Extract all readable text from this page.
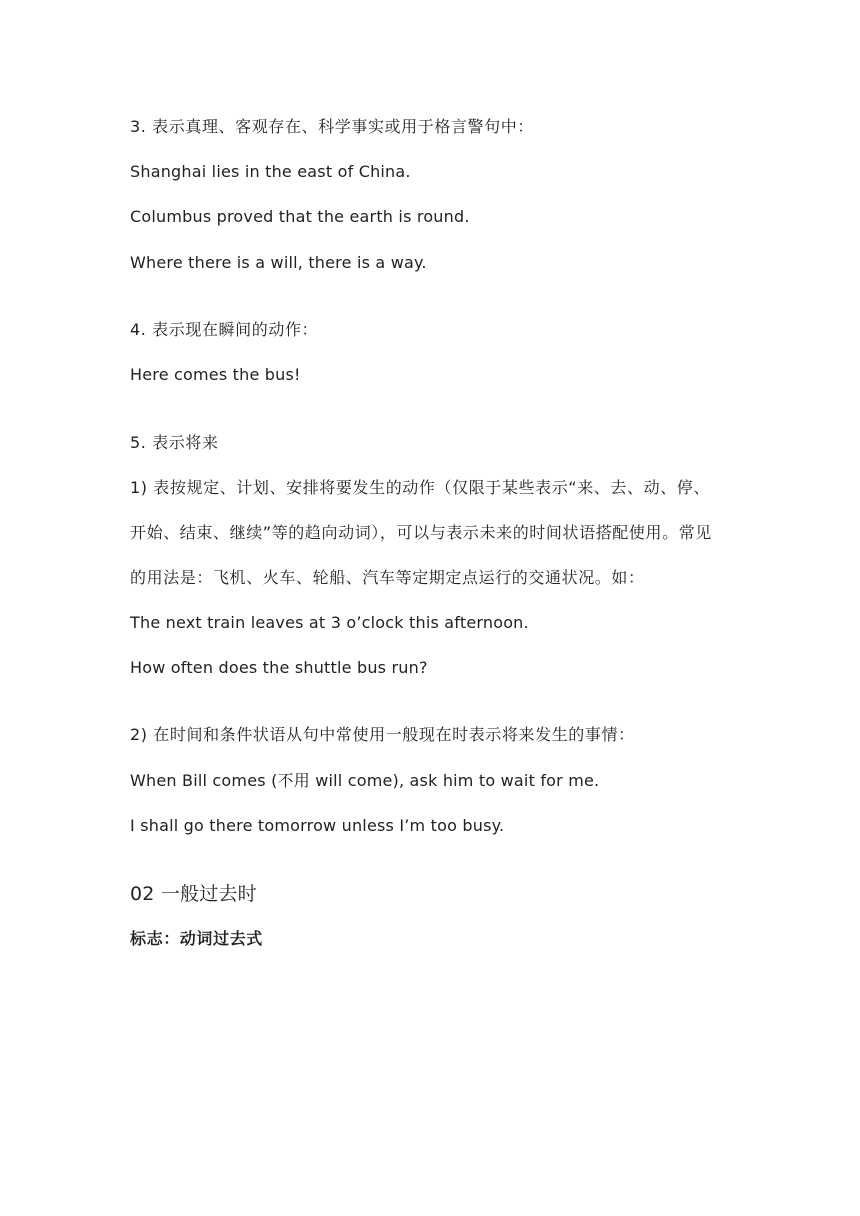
3. 表示真理、客观存在、科学事实或用于格言警句中：
Shanghai lies in the east of China.
Columbus proved that the earth is round.
Where there is a will, there is a way.
4. 表示现在瞬间的动作：
Here comes the bus!
5. 表示将来
1) 表按规定、计划、安排将要发生的动作（仅限于某些表示“来、去、动、停、
开始、结束、继续”等的趋向动词），可以与表示未来的时间状语搭配使用。常见
的用法是：飞机、火车、轮船、汽车等定期定点运行的交通状况。如：
The next train leaves at 3 o’clock this afternoon.
How often does the shuttle bus run?
2) 在时间和条件状语从句中常使用一般现在时表示将来发生的事情：
When Bill comes (不用 will come), ask him to wait for me.
I shall go there tomorrow unless I’m too busy.
02 一般过去时
标志：动词过去式
